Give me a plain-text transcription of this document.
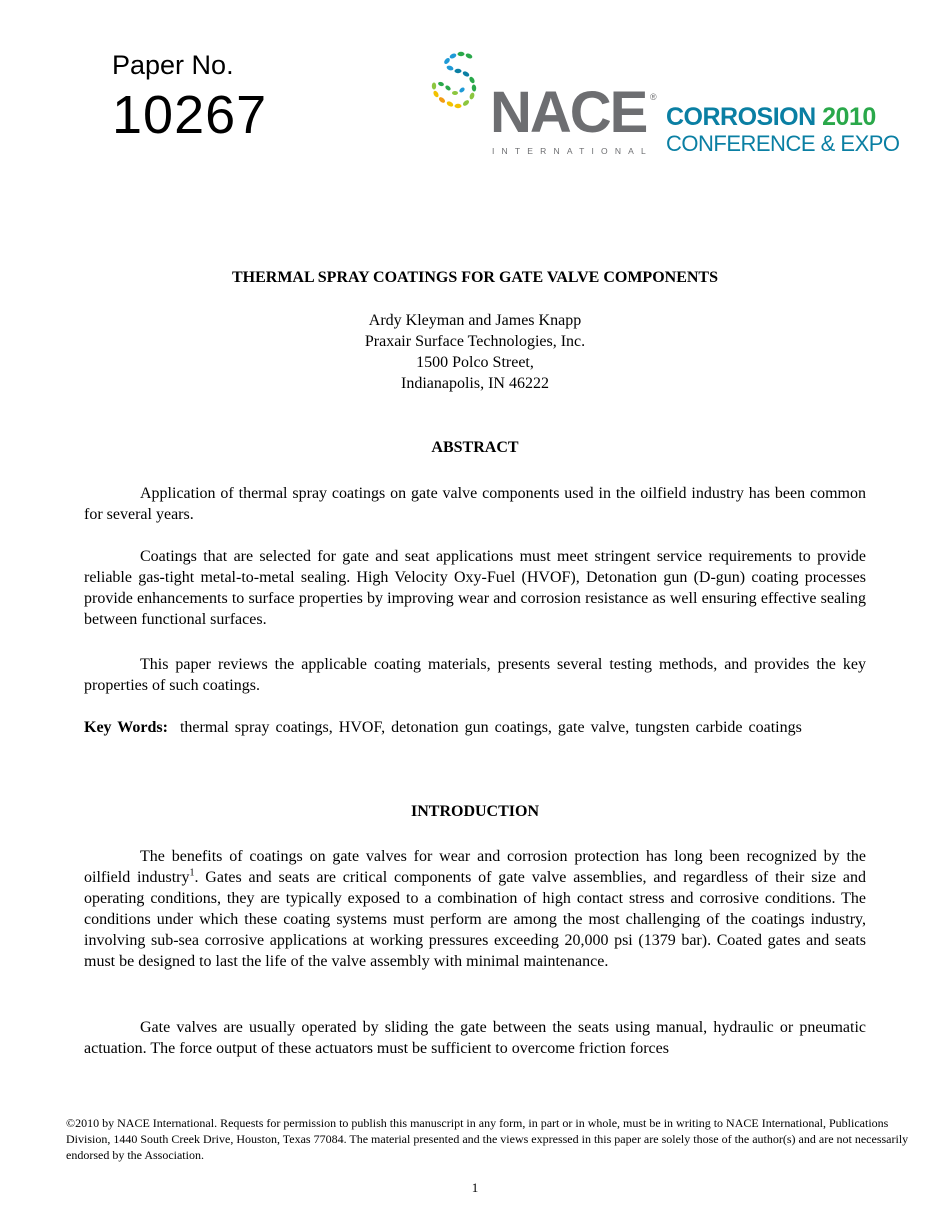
Paper No.
10267	NACE ®
INTERNATIONAL
CORROSION 2010
CONFERENCE & EXPO
THERMAL SPRAY COATINGS FOR GATE VALVE COMPONENTS
Ardy Kleyman and James Knapp
Praxair Surface Technologies, Inc.
1500 Polco Street,
Indianapolis, IN 46222
ABSTRACT

Application of thermal spray coatings on gate valve components used in the oilfield industry has been common for several years.

Coatings that are selected for gate and seat applications must meet stringent service requirements to provide reliable gas-tight metal-to-metal sealing. High Velocity Oxy-Fuel (HVOF), Detonation gun (D-gun) coating processes provide enhancements to surface properties by improving wear and corrosion resistance as well ensuring effective sealing between functional surfaces.

This paper reviews the applicable coating materials, presents several testing methods, and provides the key properties of such coatings.

Key Words: thermal spray coatings, HVOF, detonation gun coatings, gate valve, tungsten carbide coatings

INTRODUCTION

The benefits of coatings on gate valves for wear and corrosion protection has long been recognized by the oilfield industry$^1$. Gates and seats are critical components of gate valve assemblies, and regardless of their size and operating conditions, they are typically exposed to a combination of high contact stress and corrosive conditions. The conditions under which these coating systems must perform are among the most challenging of the coatings industry, involving sub-sea corrosive applications at working pressures exceeding 20,000 psi (1379 bar). Coated gates and seats must be designed to last the life of the valve assembly with minimal maintenance.

Gate valves are usually operated by sliding the gate between the seats using manual, hydraulic or pneumatic actuation. The force output of these actuators must be sufficient to overcome friction forces

©2010 by NACE International. Requests for permission to publish this manuscript in any form, in part or in whole, must be in writing to NACE International, Publications Division, 1440 South Creek Drive, Houston, Texas 77084. The material presented and the views expressed in this paper are solely those of the author(s) and are not necessarily endorsed by the Association.
1
